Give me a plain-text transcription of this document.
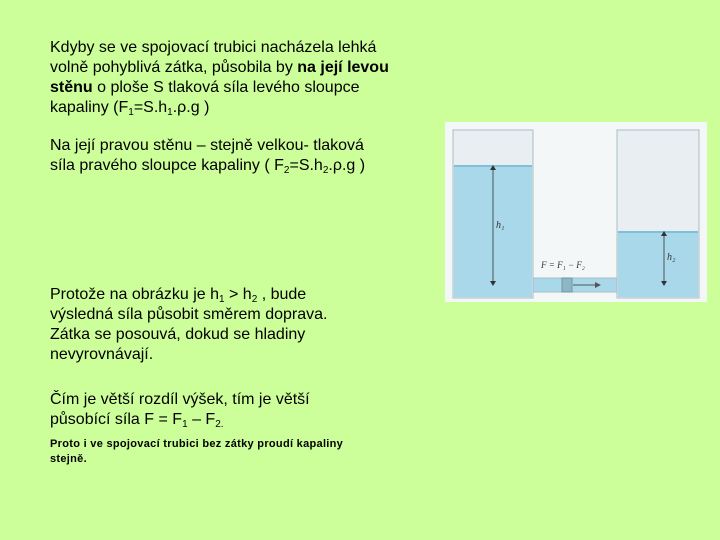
Kdyby se ve spojovací trubici nacházela lehká
volně pohyblivá zátka, působila by na její levou
stěnu o ploše S tlaková síla levého sloupce
kapaliny ($F_1=S.h_1.\rho.g$ )
Na její pravou stěnu – stejně velkou- tlaková
síla pravého sloupce kapaliny ( $F_2=S.h_2.\rho.g$ )
Protože na obrázku je $h_1 > h_2$ , bude
výsledná síla působit směrem doprava.
Zátka se posouvá, dokud se hladiny
nevyrovnávají.
Čím je větší rozdíl výšek, tím je větší
působící síla $F = F_1 - F_{2.}$
Proto i ve spojovací trubici bez zátky proudí kapaliny
stejně.
h₁
h₂
F = F₁ − F₂
